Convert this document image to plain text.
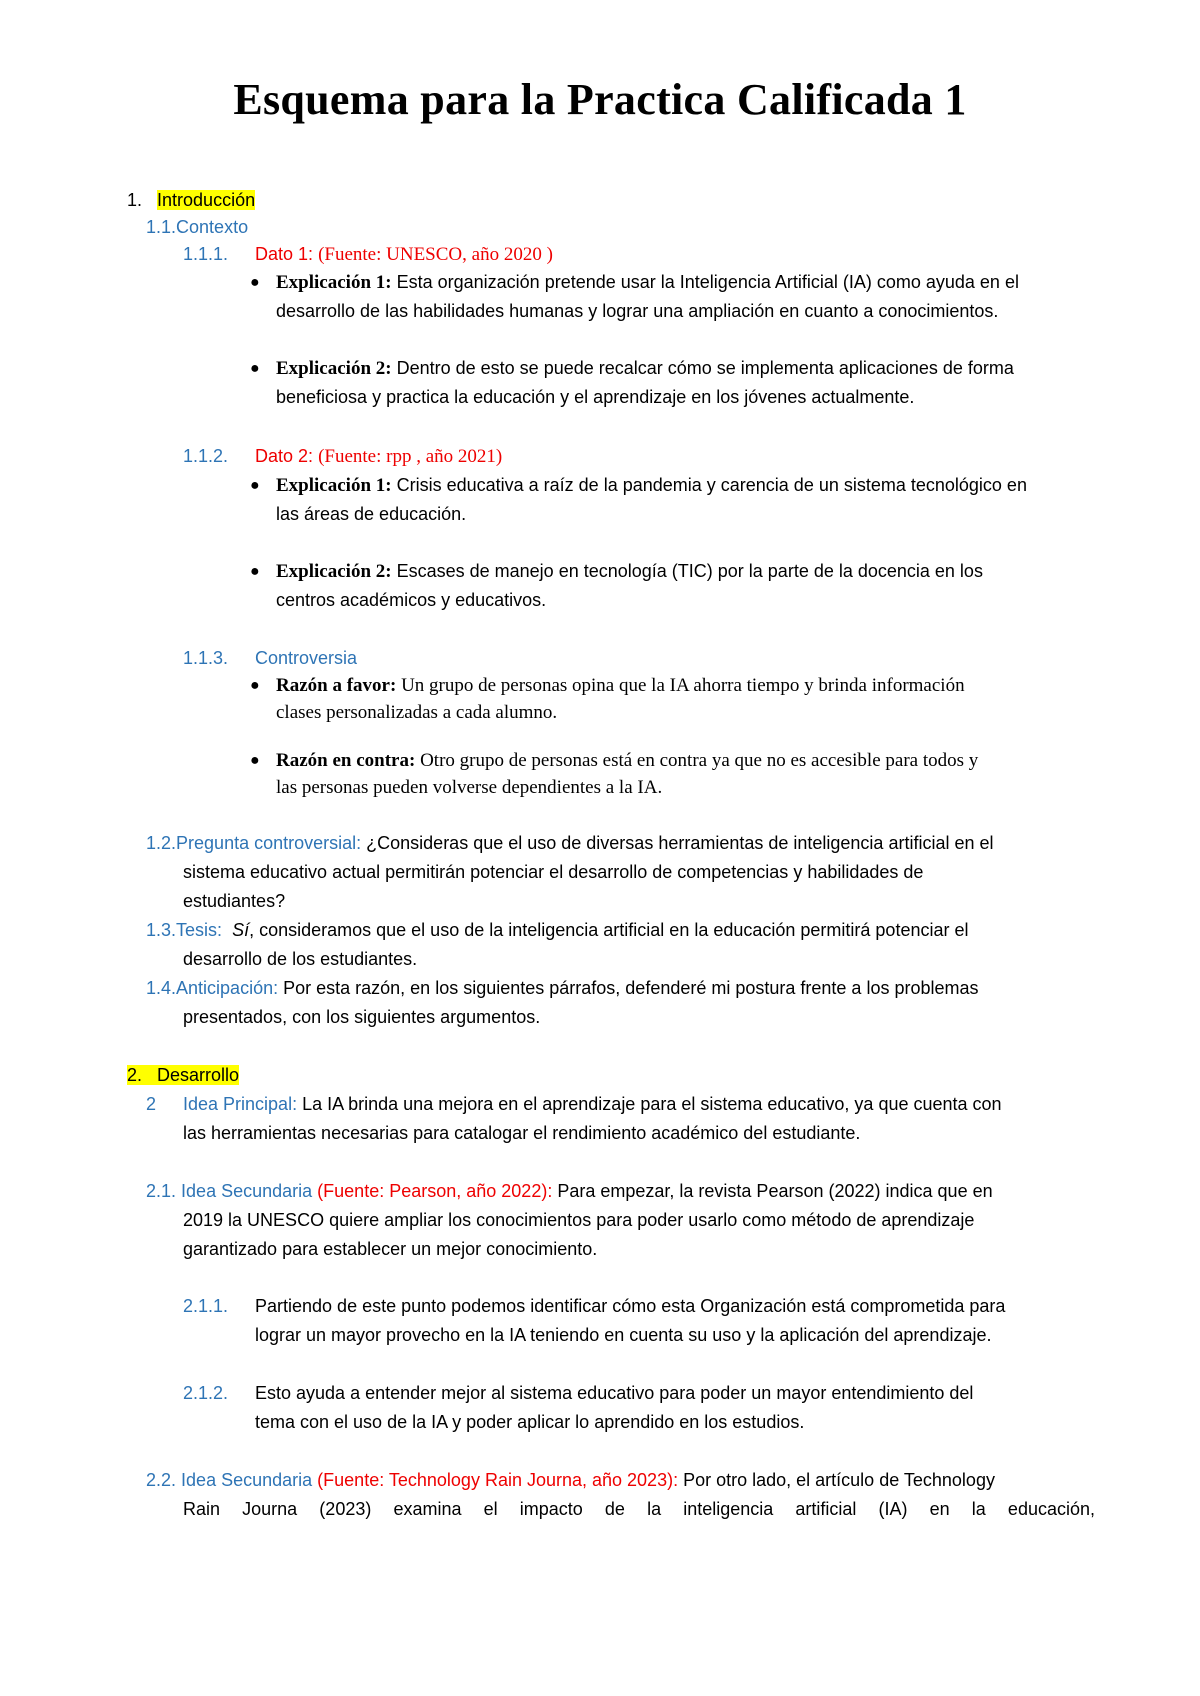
Esquema para la Practica Calificada 1
1. Introducción
1.1.Contexto
1.1.1. Dato 1: (Fuente: UNESCO, año 2020 )
● Explicación 1: Esta organización pretende usar la Inteligencia Artificial (IA) como ayuda en el
desarrollo de las habilidades humanas y lograr una ampliación en cuanto a conocimientos.
● Explicación 2: Dentro de esto se puede recalcar cómo se implementa aplicaciones de forma
beneficiosa y practica la educación y el aprendizaje en los jóvenes actualmente.
1.1.2. Dato 2: (Fuente: rpp , año 2021)
● Explicación 1: Crisis educativa a raíz de la pandemia y carencia de un sistema tecnológico en
las áreas de educación.
● Explicación 2: Escases de manejo en tecnología (TIC) por la parte de la docencia en los
centros académicos y educativos.
1.1.3. Controversia
● Razón a favor: Un grupo de personas opina que la IA ahorra tiempo y brinda información
clases personalizadas a cada alumno.
● Razón en contra: Otro grupo de personas está en contra ya que no es accesible para todos y
las personas pueden volverse dependientes a la IA.
1.2.Pregunta controversial: ¿Consideras que el uso de diversas herramientas de inteligencia artificial en el
sistema educativo actual permitirán potenciar el desarrollo de competencias y habilidades de
estudiantes?
1.3.Tesis: Sí, consideramos que el uso de la inteligencia artificial en la educación permitirá potenciar el
desarrollo de los estudiantes.
1.4.Anticipación: Por esta razón, en los siguientes párrafos, defenderé mi postura frente a los problemas
presentados, con los siguientes argumentos.
2. Desarrollo
2 Idea Principal: La IA brinda una mejora en el aprendizaje para el sistema educativo, ya que cuenta con
las herramientas necesarias para catalogar el rendimiento académico del estudiante.
2.1. Idea Secundaria (Fuente: Pearson, año 2022): Para empezar, la revista Pearson (2022) indica que en
2019 la UNESCO quiere ampliar los conocimientos para poder usarlo como método de aprendizaje
garantizado para establecer un mejor conocimiento.
2.1.1. Partiendo de este punto podemos identificar cómo esta Organización está comprometida para
lograr un mayor provecho en la IA teniendo en cuenta su uso y la aplicación del aprendizaje.
2.1.2. Esto ayuda a entender mejor al sistema educativo para poder un mayor entendimiento del
tema con el uso de la IA y poder aplicar lo aprendido en los estudios.
2.2. Idea Secundaria (Fuente: Technology Rain Journa, año 2023): Por otro lado, el artículo de Technology
Rain Journa (2023) examina el impacto de la inteligencia artificial (IA) en la educación,
